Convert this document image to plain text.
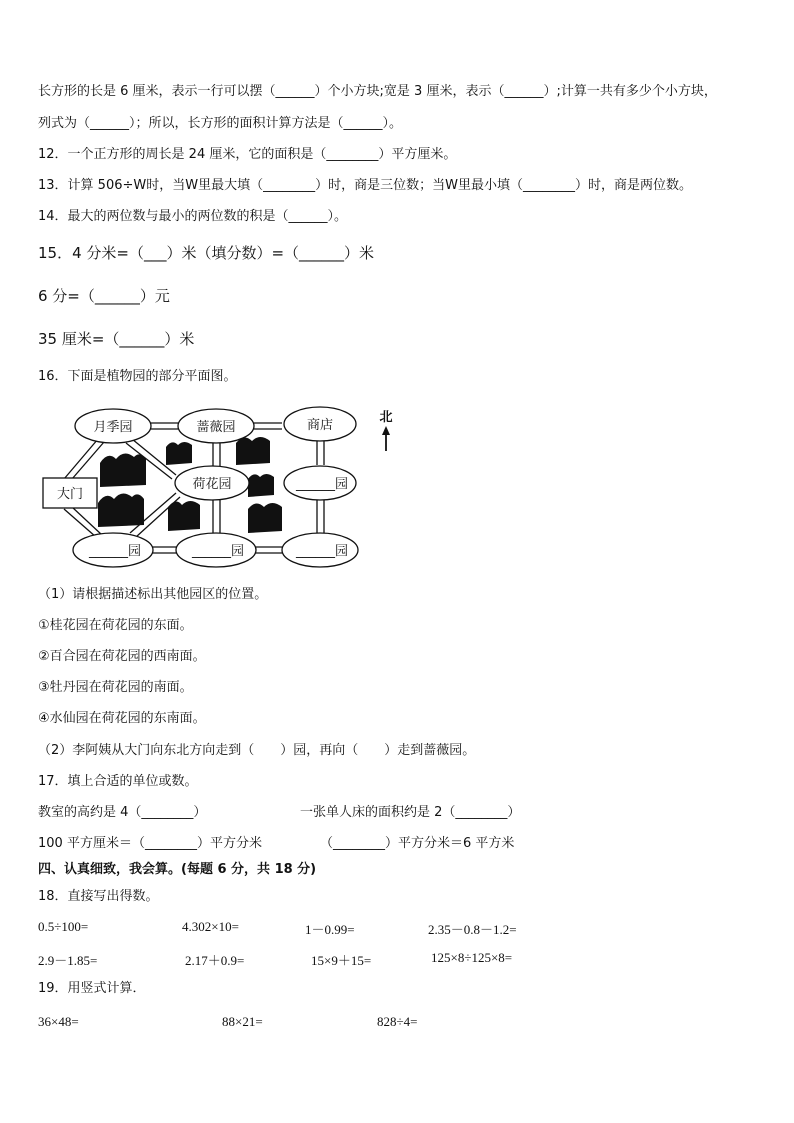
长方形的长是 6 厘米，表示一行可以摆（______）个小方块;宽是 3 厘米，表示（______）;计算一共有多少个小方块，
列式为（______）；所以，长方形的面积计算方法是（______）。
12．一个正方形的周长是 24 厘米，它的面积是（________）平方厘米。
13．计算 506÷W时，当W里最大填（________）时，商是三位数；当W里最小填（________）时，商是两位数。
14．最大的两位数与最小的两位数的积是（______）。
15．4 分米=（___）米（填分数）=（______）米
6 分=（______）元
35 厘米=（______）米
16．下面是植物园的部分平面图。
月季园	蔷薇园	商店
荷花园	______园
______园	______园	______园
大门
北
（1）请根据描述标出其他园区的位置。
①桂花园在荷花园的东面。
②百合园在荷花园的西南面。
③牡丹园在荷花园的南面。
④水仙园在荷花园的东南面。
（2）李阿姨从大门向东北方向走到（　　）园，再向（　　）走到蔷薇园。
17．填上合适的单位或数。
教室的高约是 4（________）	一张单人床的面积约是 2（________）
100 平方厘米＝（________）平方分米	（________）平方分米＝6 平方米
四、认真细致，我会算。(每题 6 分，共 18 分)
18．直接写出得数。
0.5÷100=	4.302×10=	1－0.99=	2.35－0.8－1.2=
2.9－1.85=	2.17＋0.9=	15×9＋15=	125×8÷125×8=
19．用竖式计算．
36×48=	88×21=	828÷4=
